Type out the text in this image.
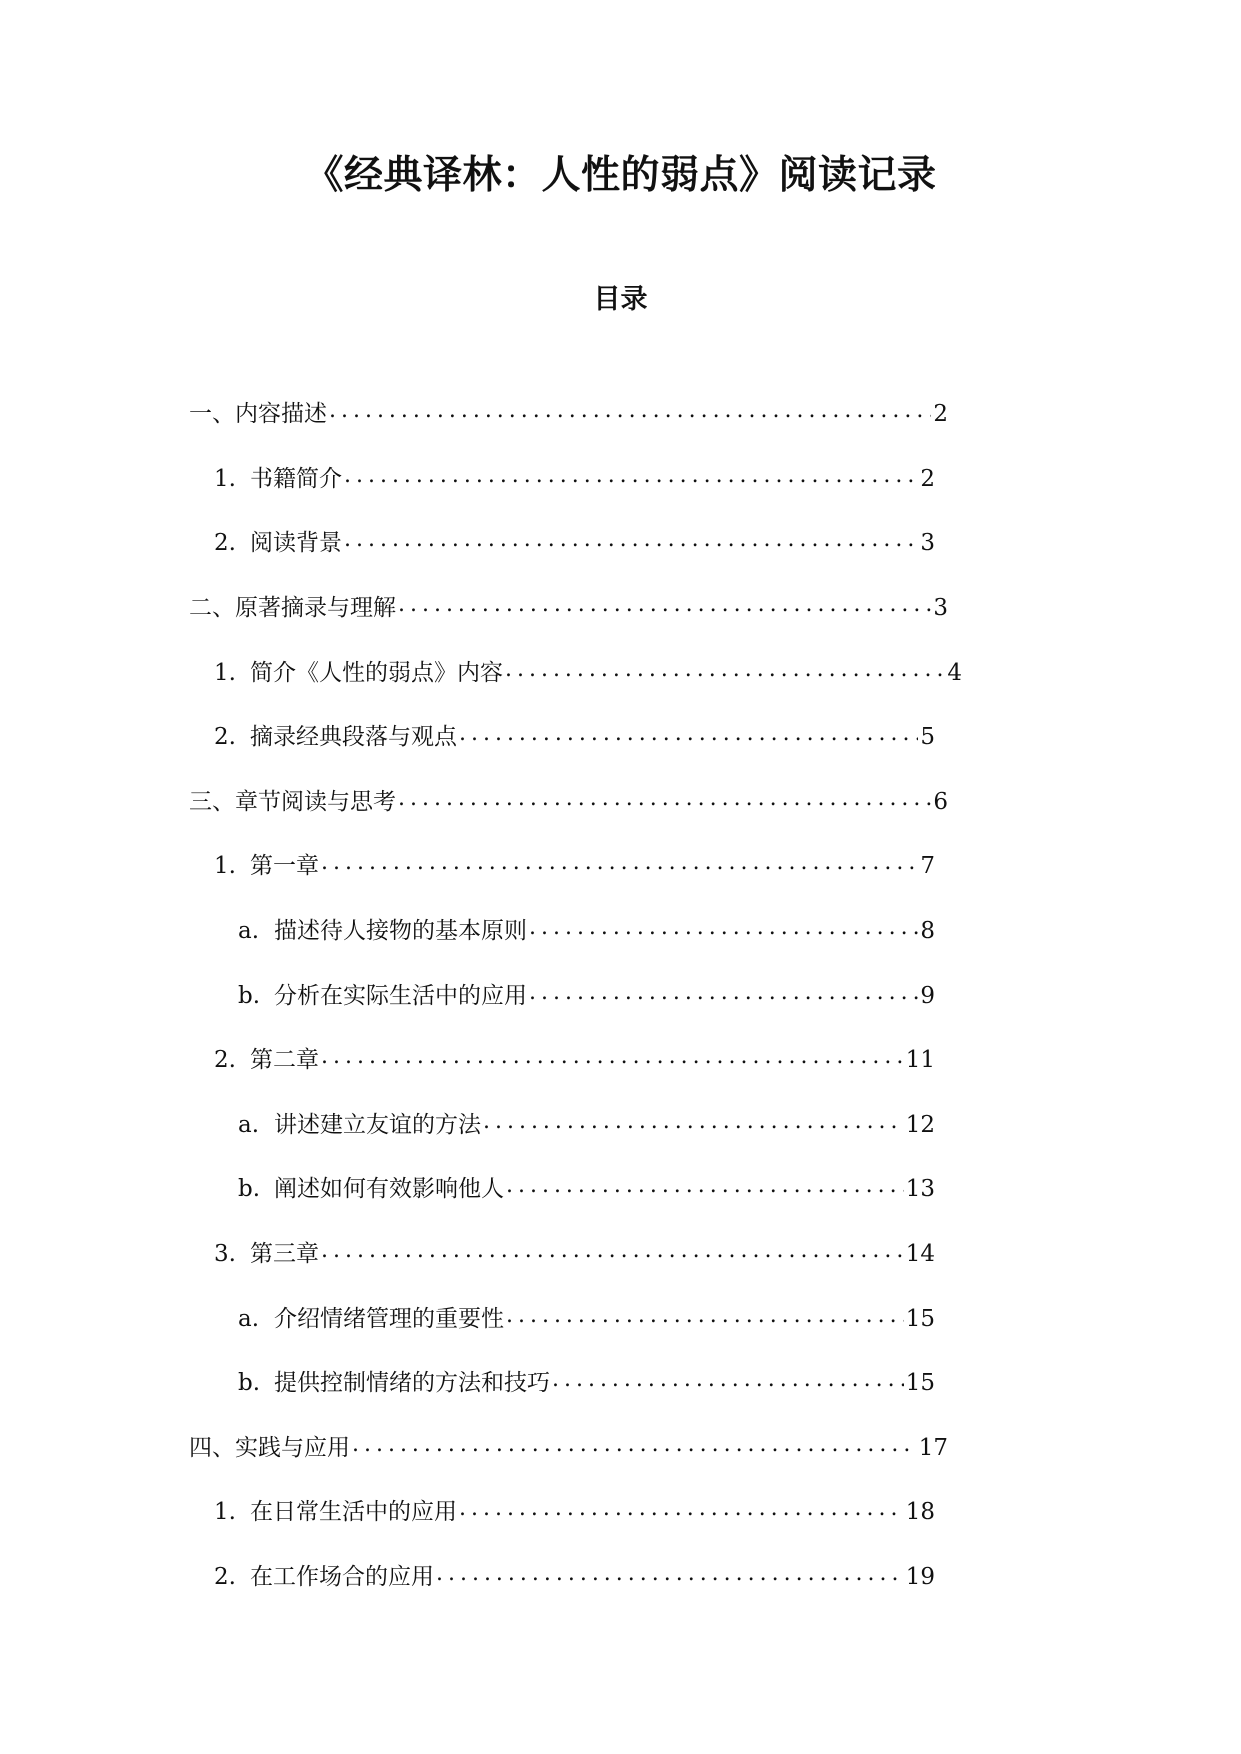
《经典译林：人性的弱点》阅读记录
目录
一、内容描述 . . .	2
1. 书籍简介 . . .	2
2. 阅读背景 . . .	3
二、原著摘录与理解 . . .	3
1. 简介《人性的弱点》内容 . . .	4
2. 摘录经典段落与观点 . . .	5
三、章节阅读与思考 . . .	6
1. 第一章 . . .	7
a. 描述待人接物的基本原则 . . .	8
b. 分析在实际生活中的应用 . . .	9
2. 第二章 . . .	11
a. 讲述建立友谊的方法 . . .	12
b. 阐述如何有效影响他人 . . .	13
3. 第三章 . . .	14
a. 介绍情绪管理的重要性 . . .	15
b. 提供控制情绪的方法和技巧 . . .	15
四、实践与应用 . . .	17
1. 在日常生活中的应用 . . .	18
2. 在工作场合的应用 . . .	19
